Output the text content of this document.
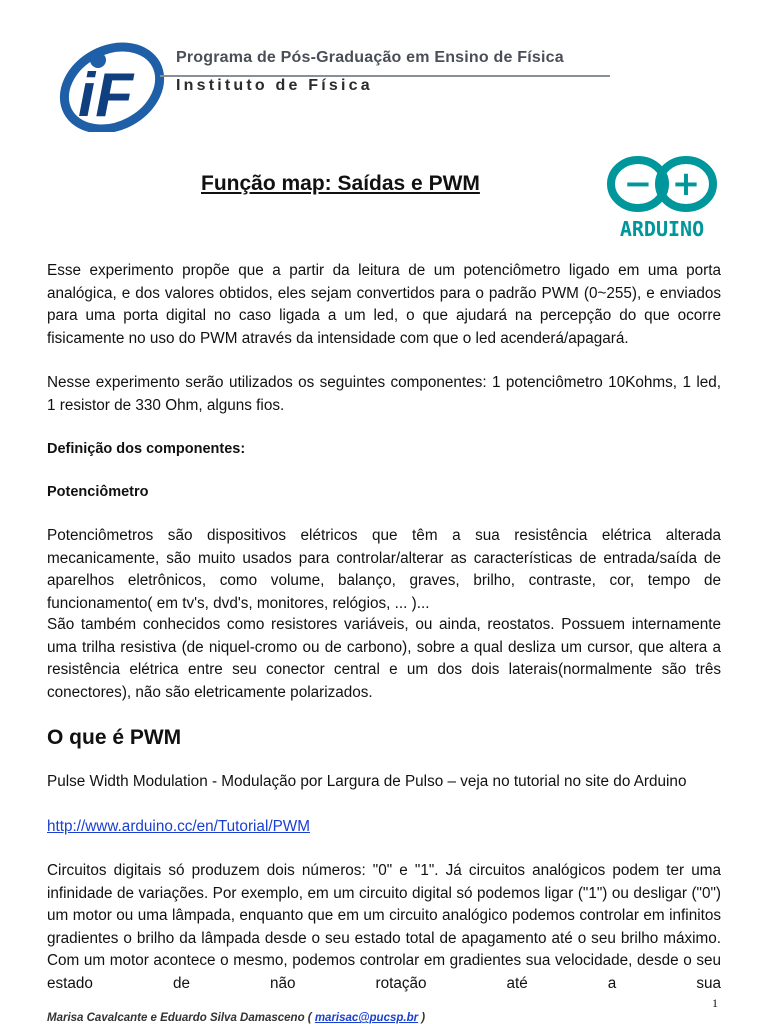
iF
Programa de Pós-Graduação em Ensino de Física
Instituto de Física
Função map: Saídas e PWM	− +
ARDUINO

Esse experimento propõe que a partir da leitura de um potenciômetro ligado em uma porta analógica, e dos valores obtidos, eles sejam convertidos para o padrão PWM (0~255), e enviados para uma porta digital no caso ligada a um led, o que ajudará na percepção do que ocorre fisicamente no uso do PWM através da intensidade com que o led acenderá/apagará.

Nesse experimento serão utilizados os seguintes componentes: 1 potenciômetro 10Kohms, 1 led, 1 resistor de 330 Ohm, alguns fios.

Definição dos componentes:

Potenciômetro

Potenciômetros são dispositivos elétricos que têm a sua resistência elétrica alterada mecanicamente, são muito usados para controlar/alterar as características de entrada/saída de aparelhos eletrônicos, como volume, balanço, graves, brilho, contraste, cor, tempo de funcionamento( em tv's, dvd's, monitores, relógios, ... )...

São também conhecidos como resistores variáveis, ou ainda, reostatos. Possuem internamente uma trilha resistiva (de niquel-cromo ou de carbono), sobre a qual desliza um cursor, que altera a resistência elétrica entre seu conector central e um dos dois laterais(normalmente são três conectores), não são eletricamente polarizados.

O que é PWM

Pulse Width Modulation - Modulação por Largura de Pulso – veja no tutorial no site do Arduino

http://www.arduino.cc/en/Tutorial/PWM

Circuitos digitais só produzem dois números: "0" e "1". Já circuitos analógicos podem ter uma infinidade de variações. Por exemplo, em um circuito digital só podemos ligar ("1") ou desligar ("0") um motor ou uma lâmpada, enquanto que em um circuito analógico podemos controlar em infinitos gradientes o brilho da lâmpada desde o seu estado total de apagamento até o seu brilho máximo. Com um motor acontece o mesmo, podemos controlar em gradientes sua velocidade, desde o seu estado de não rotação até a sua

1
Marisa Cavalcante e Eduardo Silva Damasceno ( marisac@pucsp.br )
